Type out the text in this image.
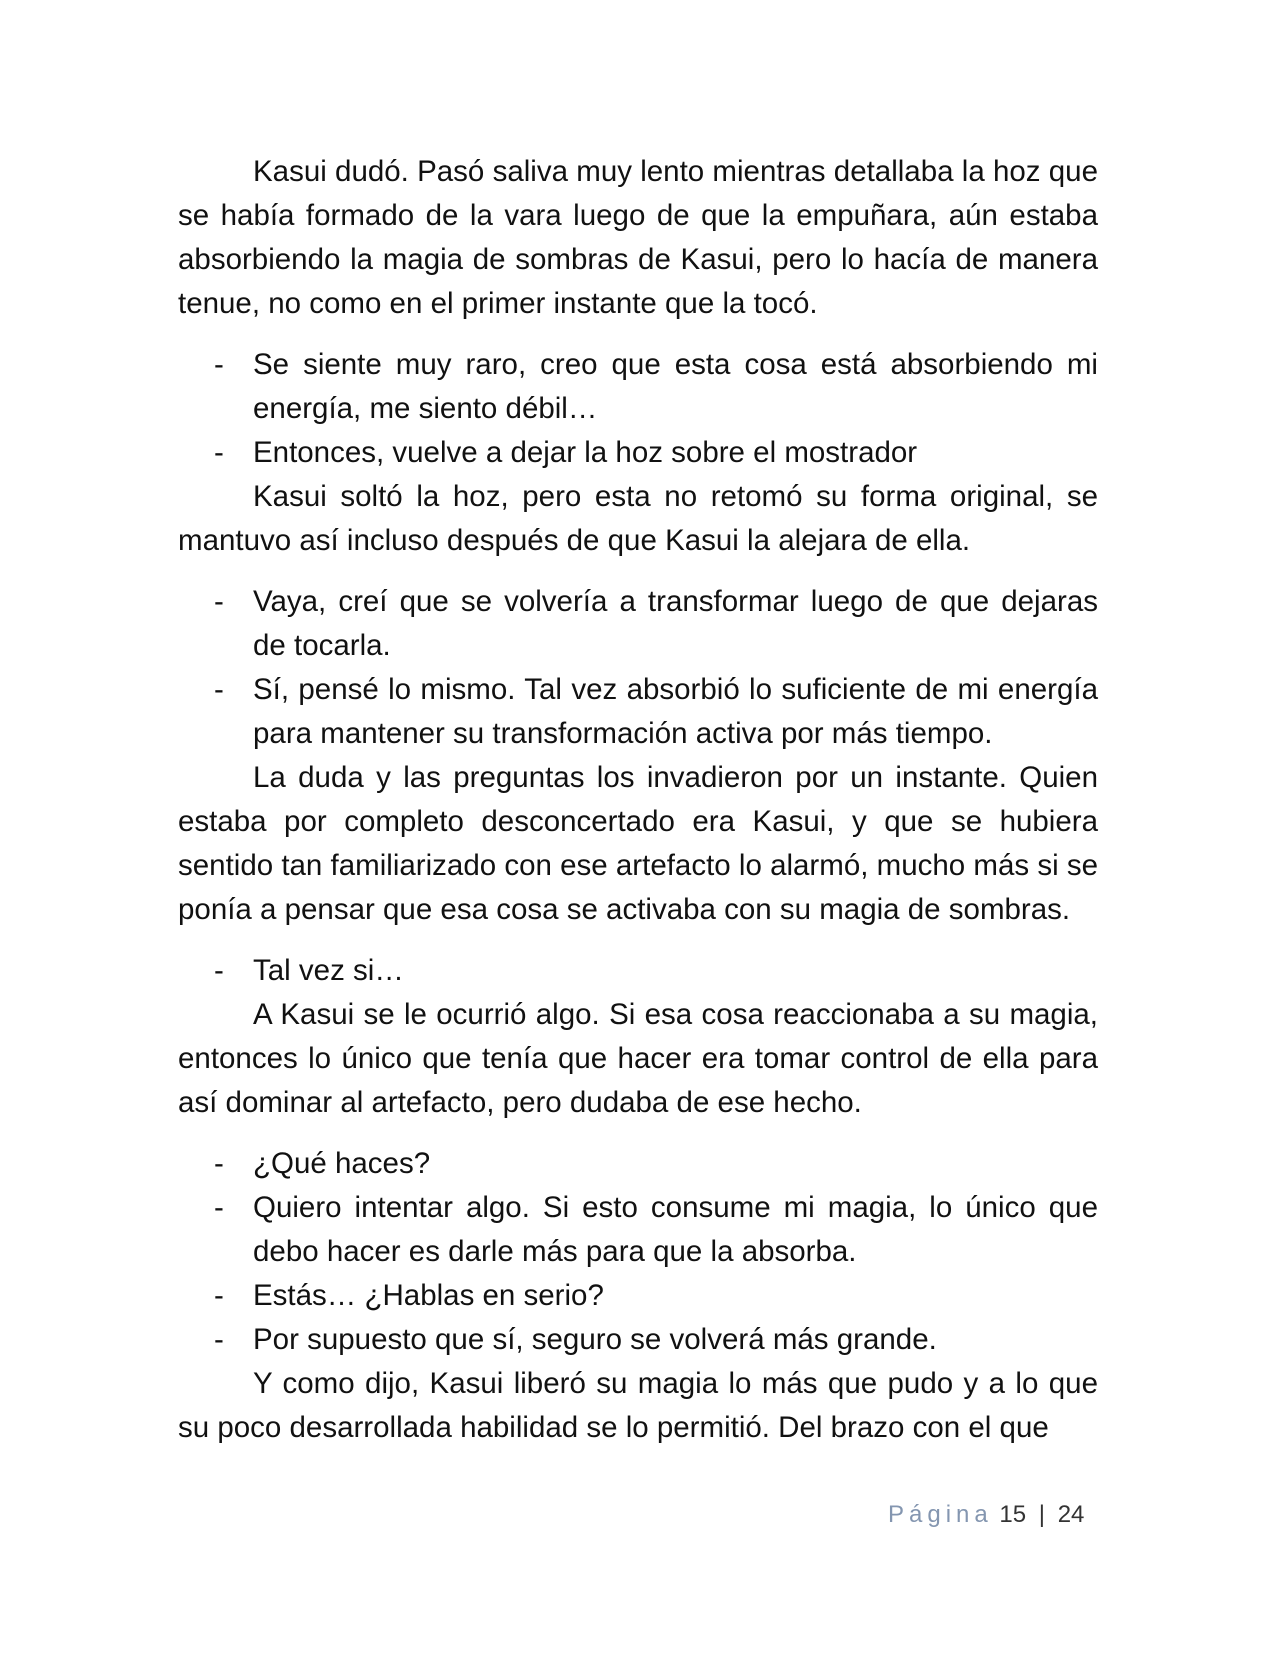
Kasui dudó. Pasó saliva muy lento mientras detallaba la hoz que se había formado de la vara luego de que la empuñara, aún estaba absorbiendo la magia de sombras de Kasui, pero lo hacía de manera tenue, no como en el primer instante que la tocó.

- Se siente muy raro, creo que esta cosa está absorbiendo mi energía, me siento débil…
- Entonces, vuelve a dejar la hoz sobre el mostrador

Kasui soltó la hoz, pero esta no retomó su forma original, se mantuvo así incluso después de que Kasui la alejara de ella.

- Vaya, creí que se volvería a transformar luego de que dejaras de tocarla.
- Sí, pensé lo mismo. Tal vez absorbió lo suficiente de mi energía para mantener su transformación activa por más tiempo.

La duda y las preguntas los invadieron por un instante. Quien estaba por completo desconcertado era Kasui, y que se hubiera sentido tan familiarizado con ese artefacto lo alarmó, mucho más si se ponía a pensar que esa cosa se activaba con su magia de sombras.

- Tal vez si…

A Kasui se le ocurrió algo. Si esa cosa reaccionaba a su magia, entonces lo único que tenía que hacer era tomar control de ella para así dominar al artefacto, pero dudaba de ese hecho.

- ¿Qué haces?
- Quiero intentar algo. Si esto consume mi magia, lo único que debo hacer es darle más para que la absorba.
- Estás… ¿Hablas en serio?
- Por supuesto que sí, seguro se volverá más grande.

Y como dijo, Kasui liberó su magia lo más que pudo y a lo que su poco desarrollada habilidad se lo permitió. Del brazo con el que

Página 15 | 24
